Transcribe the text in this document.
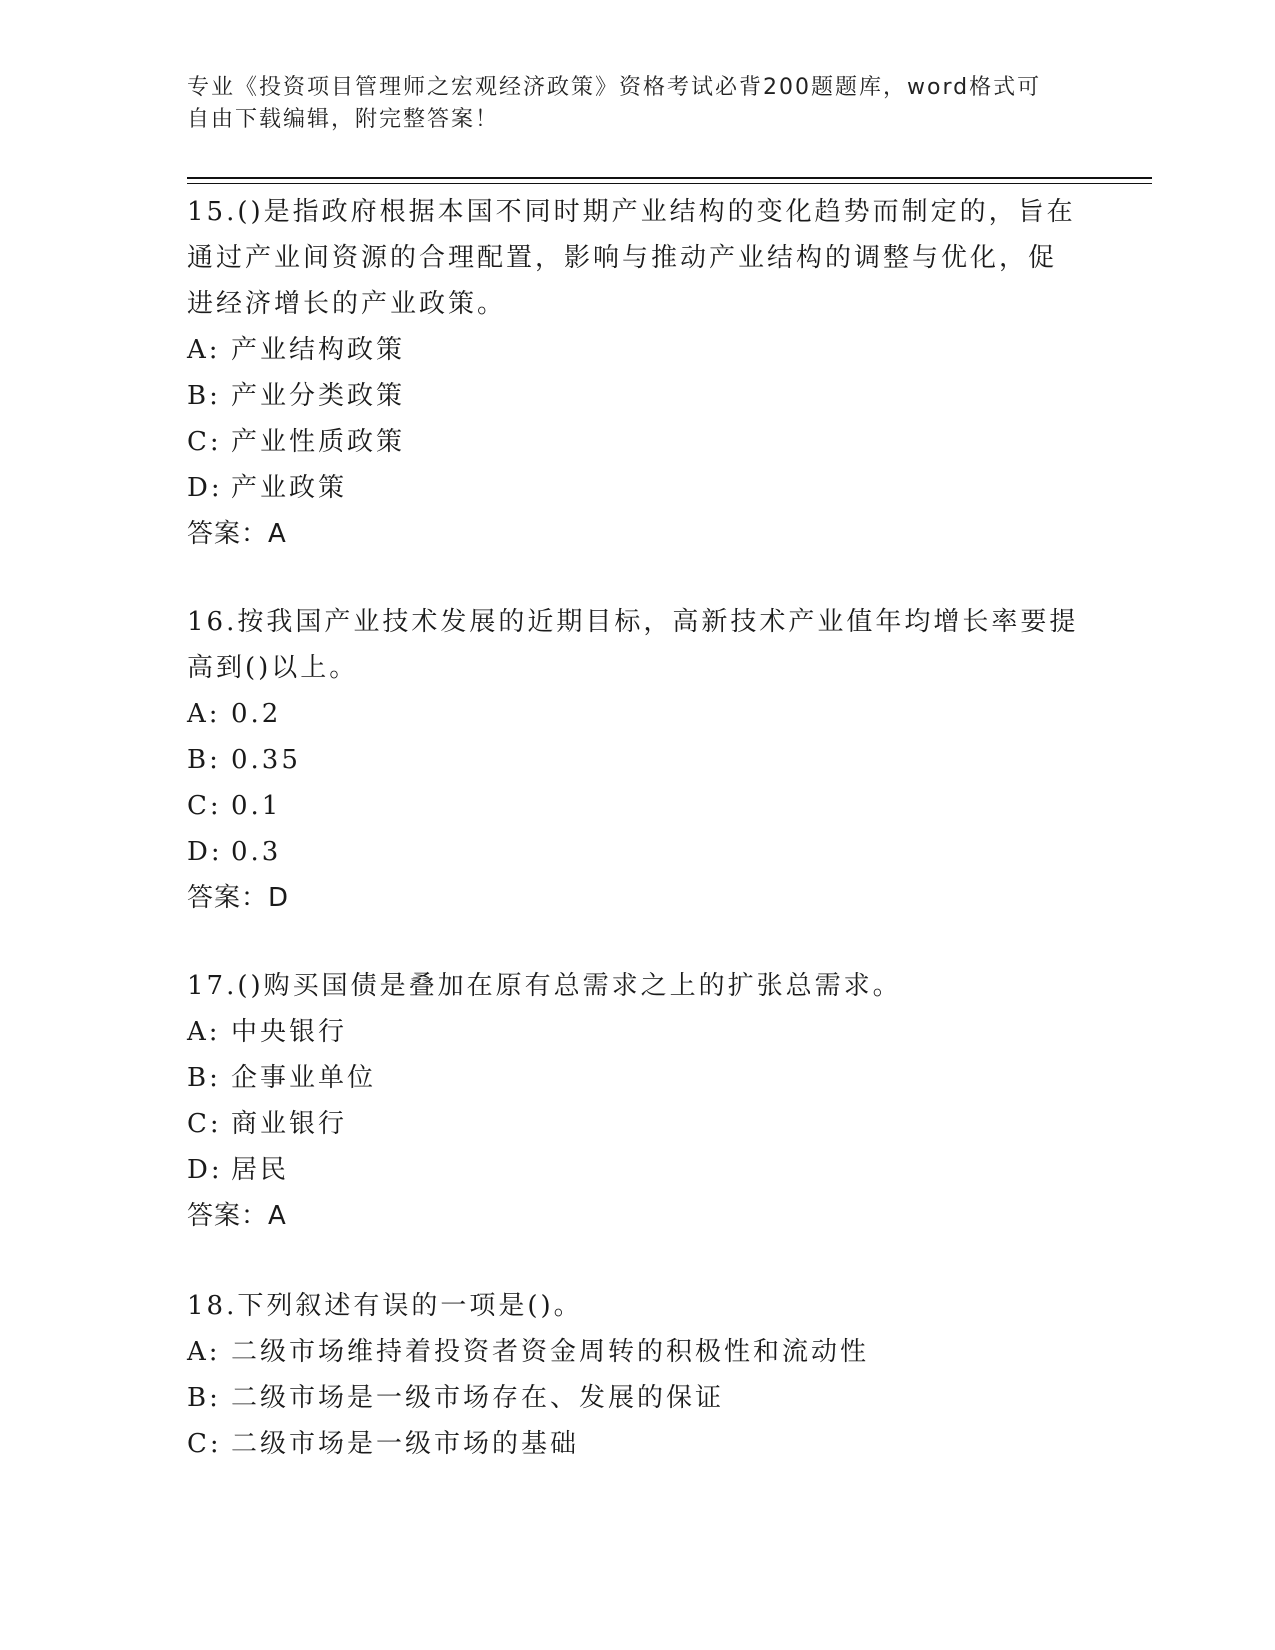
专业《投资项目管理师之宏观经济政策》资格考试必背200题题库，word格式可
自由下载编辑，附完整答案！
15.()是指政府根据本国不同时期产业结构的变化趋势而制定的，旨在
通过产业间资源的合理配置，影响与推动产业结构的调整与优化，促
进经济增长的产业政策。
A: 产业结构政策
B: 产业分类政策
C: 产业性质政策
D: 产业政策
答案：A
16.按我国产业技术发展的近期目标，高新技术产业值年均增长率要提
高到()以上。
A: 0.2
B: 0.35
C: 0.1
D: 0.3
答案：D
17.()购买国债是叠加在原有总需求之上的扩张总需求。
A: 中央银行
B: 企事业单位
C: 商业银行
D: 居民
答案：A
18.下列叙述有误的一项是()。
A: 二级市场维持着投资者资金周转的积极性和流动性
B: 二级市场是一级市场存在、发展的保证
C: 二级市场是一级市场的基础
